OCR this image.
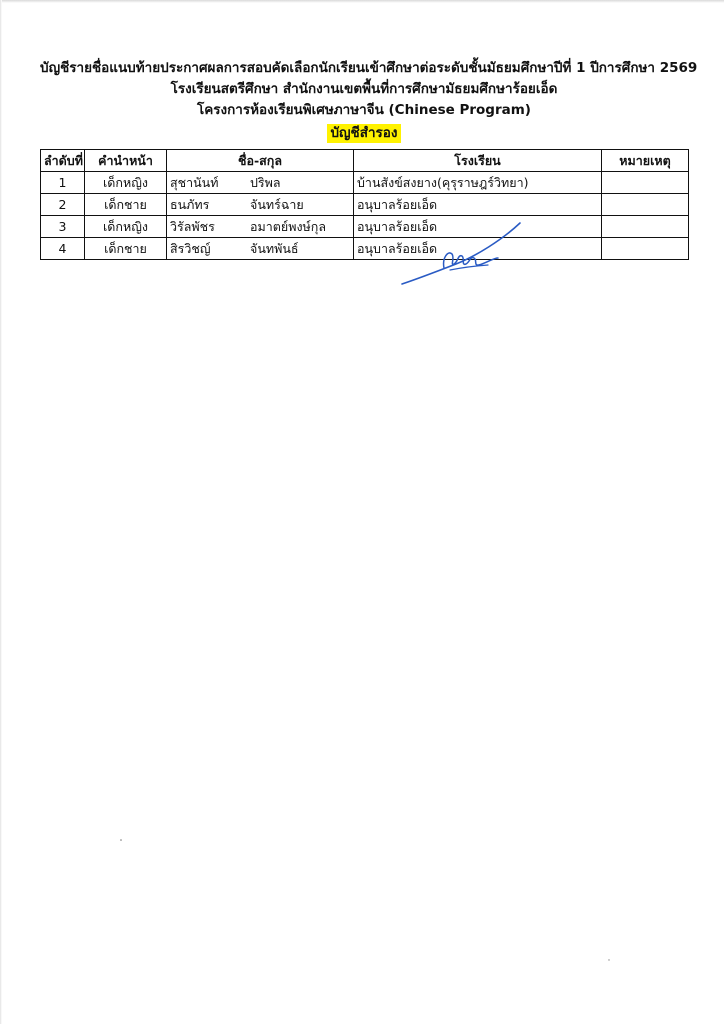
บัญชีรายชื่อแนบท้ายประกาศผลการสอบคัดเลือกนักเรียนเข้าศึกษาต่อระดับชั้นมัธยมศึกษาปีที่ 1 ปีการศึกษา 2569
โรงเรียนสตรีศึกษา สำนักงานเขตพื้นที่การศึกษามัธยมศึกษาร้อยเอ็ด
โครงการห้องเรียนพิเศษภาษาจีน (Chinese Program)
บัญชีสำรอง
ลำดับที่	คำนำหน้า	ชื่อ-สกุล	โรงเรียน	หมายเหตุ
1	เด็กหญิง	สุชานันท์ ปริพล	บ้านสังข์สงยาง(คุรุราษฎร์วิทยา)	
2	เด็กชาย	ธนภัทร จันทร์ฉาย	อนุบาลร้อยเอ็ด	
3	เด็กหญิง	วิรัลพัชร อมาตย์พงษ์กุล	อนุบาลร้อยเอ็ด	
4	เด็กชาย	สิรวิชญ์ จันทพันธ์	อนุบาลร้อยเอ็ด	
